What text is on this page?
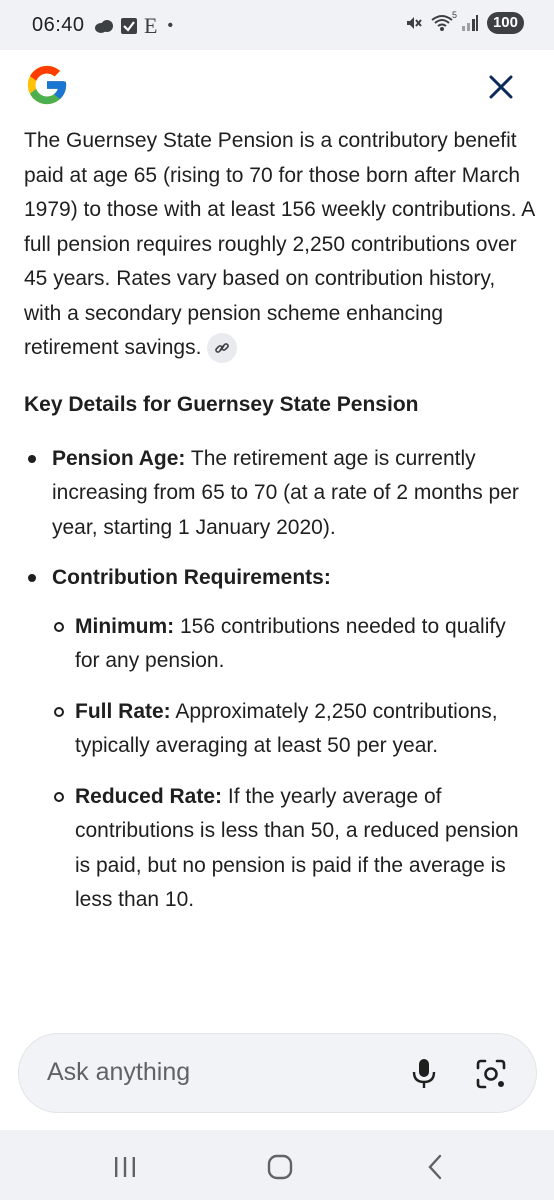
06:40	E •
5	100

The Guernsey State Pension is a contributory benefit paid at age 65 (rising to 70 for those born after March 1979) to those with at least 156 weekly contributions. A full pension requires roughly 2,250 contributions over 45 years. Rates vary based on contribution history, with a secondary pension scheme enhancing retirement savings.

Key Details for Guernsey State Pension
Pension Age: The retirement age is currently increasing from 65 to 70 (at a rate of 2 months per year, starting 1 January 2020).
Contribution Requirements:
Minimum: 156 contributions needed to qualify for any pension.
Full Rate: Approximately 2,250 contributions, typically averaging at least 50 per year.
Reduced Rate: If the yearly average of contributions is less than 50, a reduced pension is paid, but no pension is paid if the average is less than 10.
Ask anything
